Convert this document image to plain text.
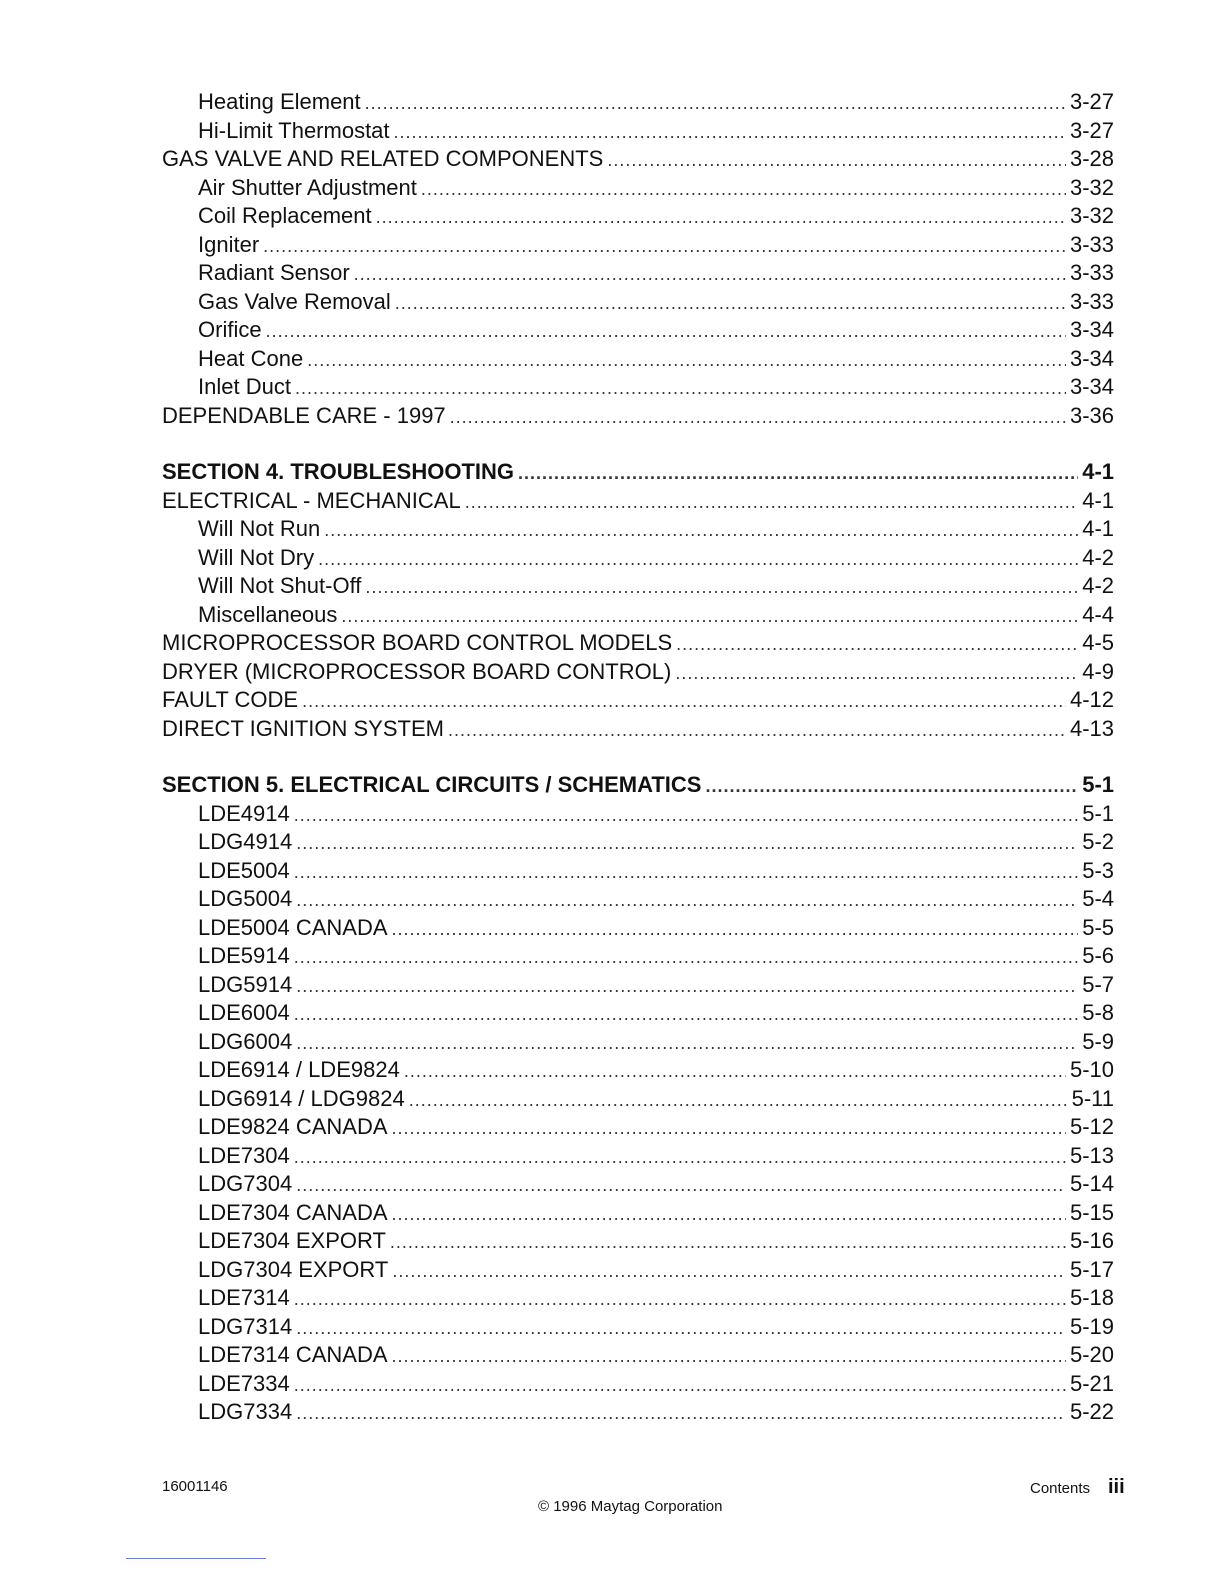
Heating Element .....	3-27
Hi-Limit Thermostat .....	3-27
GAS VALVE AND RELATED COMPONENTS .....	3-28
Air Shutter Adjustment .....	3-32
Coil Replacement .....	3-32
Igniter .....	3-33
Radiant Sensor .....	3-33
Gas Valve Removal .....	3-33
Orifice .....	3-34
Heat Cone .....	3-34
Inlet Duct .....	3-34
DEPENDABLE CARE - 1997 .....	3-36
SECTION 4. TROUBLESHOOTING .....	4-1
ELECTRICAL - MECHANICAL .....	4-1
Will Not Run .....	4-1
Will Not Dry .....	4-2
Will Not Shut-Off .....	4-2
Miscellaneous .....	4-4
MICROPROCESSOR BOARD CONTROL MODELS .....	4-5
DRYER (MICROPROCESSOR BOARD CONTROL) .....	4-9
FAULT CODE .....	4-12
DIRECT IGNITION SYSTEM .....	4-13
SECTION 5. ELECTRICAL CIRCUITS / SCHEMATICS .....	5-1
LDE4914 .....	5-1
LDG4914 .....	5-2
LDE5004 .....	5-3
LDG5004 .....	5-4
LDE5004 CANADA .....	5-5
LDE5914 .....	5-6
LDG5914 .....	5-7
LDE6004 .....	5-8
LDG6004 .....	5-9
LDE6914 / LDE9824 .....	5-10
LDG6914 / LDG9824 .....	5-11
LDE9824 CANADA .....	5-12
LDE7304 .....	5-13
LDG7304 .....	5-14
LDE7304 CANADA .....	5-15
LDE7304 EXPORT .....	5-16
LDG7304 EXPORT .....	5-17
LDE7314 .....	5-18
LDG7314 .....	5-19
LDE7314 CANADA .....	5-20
LDE7334 .....	5-21
LDG7334 .....	5-22
16001146
© 1996 Maytag Corporation
Contents iii
